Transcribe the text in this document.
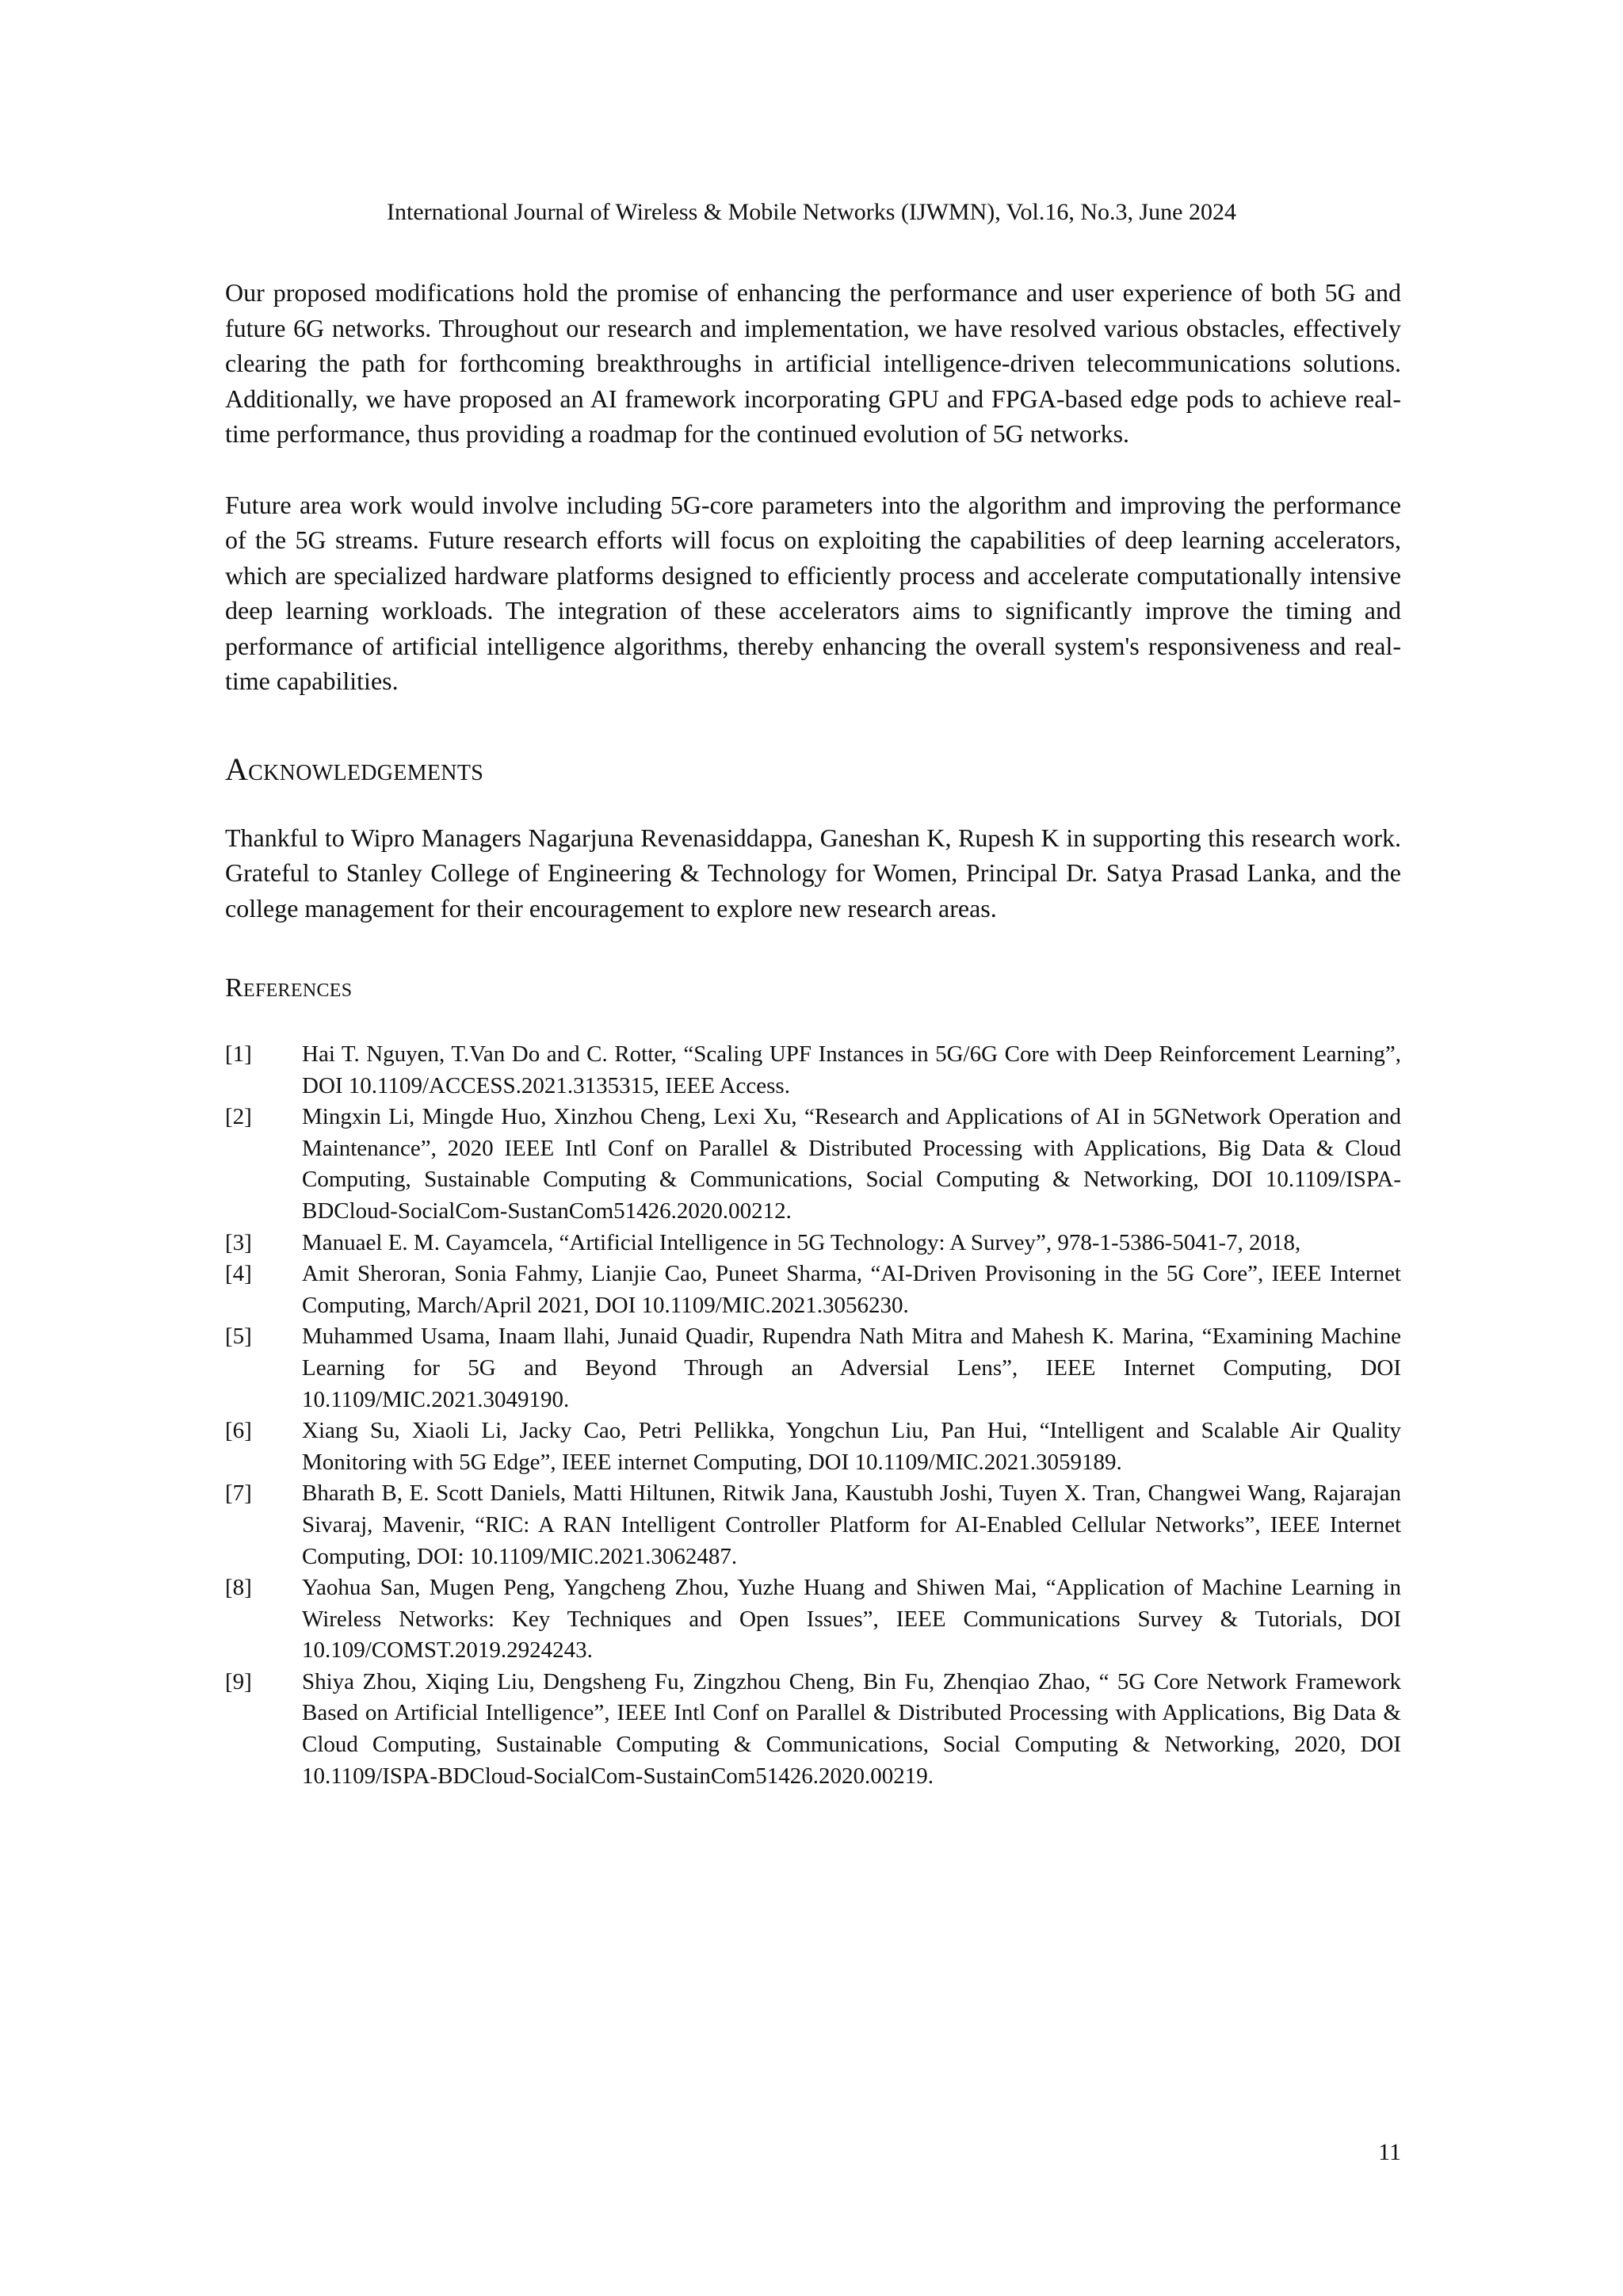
International Journal of Wireless & Mobile Networks (IJWMN), Vol.16, No.3, June 2024

Our proposed modifications hold the promise of enhancing the performance and user experience of both 5G and future 6G networks. Throughout our research and implementation, we have resolved various obstacles, effectively clearing the path for forthcoming breakthroughs in artificial intelligence-driven telecommunications solutions. Additionally, we have proposed an AI framework incorporating GPU and FPGA-based edge pods to achieve real-time performance, thus providing a roadmap for the continued evolution of 5G networks.

Future area work would involve including 5G-core parameters into the algorithm and improving the performance of the 5G streams. Future research efforts will focus on exploiting the capabilities of deep learning accelerators, which are specialized hardware platforms designed to efficiently process and accelerate computationally intensive deep learning workloads. The integration of these accelerators aims to significantly improve the timing and performance of artificial intelligence algorithms, thereby enhancing the overall system's responsiveness and real-time capabilities.

Acknowledgements

Thankful to Wipro Managers Nagarjuna Revenasiddappa, Ganeshan K, Rupesh K in supporting this research work. Grateful to Stanley College of Engineering & Technology for Women, Principal Dr. Satya Prasad Lanka, and the college management for their encouragement to explore new research areas.

References
[1]	Hai T. Nguyen, T.Van Do and C. Rotter, “Scaling UPF Instances in 5G/6G Core with Deep Reinforcement Learning”, DOI 10.1109/ACCESS.2021.3135315, IEEE Access.
[2]	Mingxin Li, Mingde Huo, Xinzhou Cheng, Lexi Xu, “Research and Applications of AI in 5GNetwork Operation and Maintenance”, 2020 IEEE Intl Conf on Parallel & Distributed Processing with Applications, Big Data & Cloud Computing, Sustainable Computing & Communications, Social Computing & Networking, DOI 10.1109/ISPA-BDCloud-SocialCom-SustanCom51426.2020.00212.
[3]	Manuael E. M. Cayamcela, “Artificial Intelligence in 5G Technology: A Survey”, 978-1-5386-5041-7, 2018,
[4]	Amit Sheroran, Sonia Fahmy, Lianjie Cao, Puneet Sharma, “AI-Driven Provisoning in the 5G Core”, IEEE Internet Computing, March/April 2021, DOI 10.1109/MIC.2021.3056230.
[5]	Muhammed Usama, Inaam llahi, Junaid Quadir, Rupendra Nath Mitra and Mahesh K. Marina, “Examining Machine Learning for 5G and Beyond Through an Adversial Lens”, IEEE Internet Computing, DOI 10.1109/MIC.2021.3049190.
[6]	Xiang Su, Xiaoli Li, Jacky Cao, Petri Pellikka, Yongchun Liu, Pan Hui, “Intelligent and Scalable Air Quality Monitoring with 5G Edge”, IEEE internet Computing, DOI 10.1109/MIC.2021.3059189.
[7]	Bharath B, E. Scott Daniels, Matti Hiltunen, Ritwik Jana, Kaustubh Joshi, Tuyen X. Tran, Changwei Wang, Rajarajan Sivaraj, Mavenir, “RIC: A RAN Intelligent Controller Platform for AI-Enabled Cellular Networks”, IEEE Internet Computing, DOI: 10.1109/MIC.2021.3062487.
[8]	Yaohua San, Mugen Peng, Yangcheng Zhou, Yuzhe Huang and Shiwen Mai, “Application of Machine Learning in Wireless Networks: Key Techniques and Open Issues”, IEEE Communications Survey & Tutorials, DOI 10.109/COMST.2019.2924243.
[9]	Shiya Zhou, Xiqing Liu, Dengsheng Fu, Zingzhou Cheng, Bin Fu, Zhenqiao Zhao, “ 5G Core Network Framework Based on Artificial Intelligence”, IEEE Intl Conf on Parallel & Distributed Processing with Applications, Big Data & Cloud Computing, Sustainable Computing & Communications, Social Computing & Networking, 2020, DOI 10.1109/ISPA-BDCloud-SocialCom-SustainCom51426.2020.00219.
11
